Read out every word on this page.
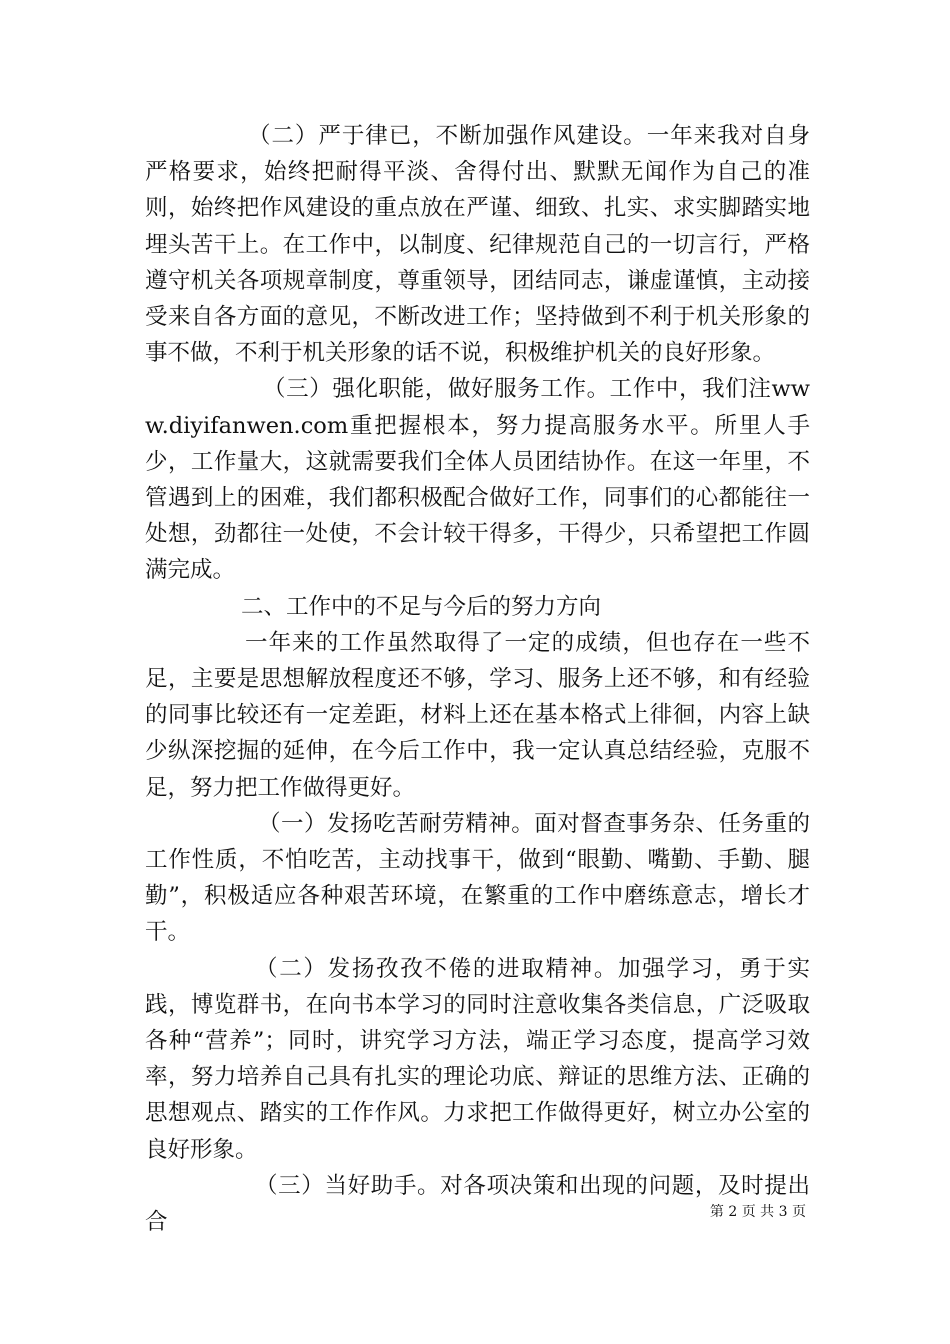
（二）严于律已，不断加强作风建设。一年来我对自身严格要求，始终把耐得平淡、舍得付出、默默无闻作为自己的准则，始终把作风建设的重点放在严谨、细致、扎实、求实脚踏实地埋头苦干上。在工作中，以制度、纪律规范自己的一切言行，严格遵守机关各项规章制度，尊重领导，团结同志，谦虚谨慎，主动接受来自各方面的意见，不断改进工作；坚持做到不利于机关形象的事不做，不利于机关形象的话不说，积极维护机关的良好形象。

（三）强化职能，做好服务工作。工作中，我们注www.diyifanwen.com重把握根本，努力提高服务水平。所里人手少，工作量大，这就需要我们全体人员团结协作。在这一年里，不管遇到上的困难，我们都积极配合做好工作，同事们的心都能往一处想，劲都往一处使，不会计较干得多，干得少，只希望把工作圆满完成。

二、工作中的不足与今后的努力方向

一年来的工作虽然取得了一定的成绩，但也存在一些不足，主要是思想解放程度还不够，学习、服务上还不够，和有经验的同事比较还有一定差距，材料上还在基本格式上徘徊，内容上缺少纵深挖掘的延伸，在今后工作中，我一定认真总结经验，克服不足，努力把工作做得更好。

（一）发扬吃苦耐劳精神。面对督查事务杂、任务重的工作性质，不怕吃苦，主动找事干，做到“眼勤、嘴勤、手勤、腿勤”，积极适应各种艰苦环境，在繁重的工作中磨练意志，增长才干。

（二）发扬孜孜不倦的进取精神。加强学习，勇于实践，博览群书，在向书本学习的同时注意收集各类信息，广泛吸取各种“营养”；同时，讲究学习方法，端正学习态度，提高学习效率，努力培养自己具有扎实的理论功底、辩证的思维方法、正确的思想观点、踏实的工作作风。力求把工作做得更好，树立办公室的良好形象。

（三）当好助手。对各项决策和出现的问题，及时提出合	第 2 页 共 3 页
